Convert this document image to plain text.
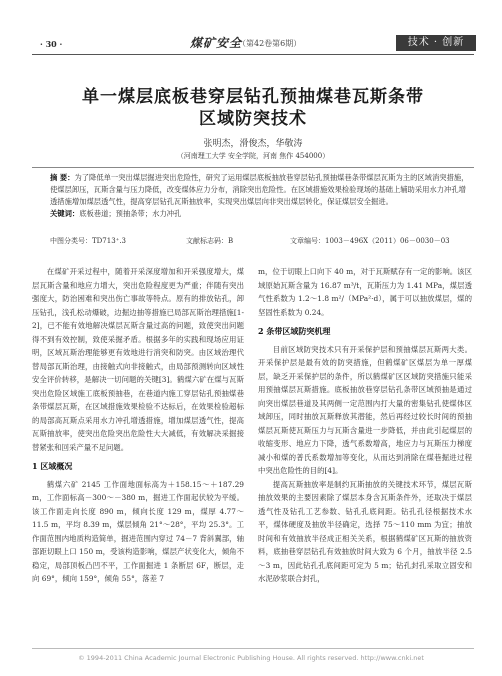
· 30 ·	煤矿安全
（第42卷第6期）	技术 · 创新
单一煤层底板巷穿层钻孔预抽煤巷瓦斯条带
区域防突技术
张明杰，滑俊杰，华敬涛
（河南理工大学 安全学院，河南 焦作 454000）
摘 要：为了降低单一突出煤层掘进突出危险性，研究了运用煤层底板抽放巷穿层钻孔预抽煤巷条带煤层瓦斯为主的区域消突措施，使煤层卸压，瓦斯含量与压力降低，改变煤体应力分布，消除突出危险性。在区域措施效果检验现场的基础上辅助采用水力冲孔增透措施增加煤层透气性，提高穿层钻孔瓦斯抽放率，实现突出煤层向非突出煤层转化，保证煤层安全掘进。
关键词：底板巷道；预抽条带；水力冲孔
中图分类号：TD713⁺.3	文献标志码：B	文章编号：1003－496X（2011）06－0030－03

在煤矿开采过程中，随着开采深度增加和开采强度增大，煤层瓦斯含量和地应力增大，突出危险程度更为严重；伴随有突出强度大，防治困难和突出伤亡事故等特点。原有的排放钻孔，卸压钻孔，浅孔松动爆破，边掘边抽等措施已局部瓦斯治理措施[1-2]，已不能有效地解决煤层瓦斯含量过高的问题，致使突出问题得不到有效控制，致使采掘矛盾。根据多年的实践和现场应用证明，区域瓦斯治理能够更有效地进行消突和防突。由区域治理代替局部瓦斯治理，由接触式向非接触式，由局部预测转向区域性安全评价转移，是解决一切问题的关键[3]。鹤煤六矿在煤与瓦斯突出危险区域施工底板预抽巷，在巷道内施工穿层钻孔预抽煤巷条带煤层瓦斯，在区域措施效果检验不达标后，在效果检验超标的局部高瓦斯点采用水力冲孔增透措施，增加煤层透气性，提高瓦斯抽放率，使突出危险突出危险性大大减低，有效解决采掘接替紧张和回采产量不足问题。

1 区域概况

鹤煤六矿 2145 工作面地面标高为＋158.15～＋187.29 m，工作面标高－300～－380 m，掘进工作面起伏较为平缓。该工作面走向长度 890 m，倾向长度 129 m，煤厚 4.77～11.5 m，平均 8.39 m，煤层倾角 21°～28°，平均 25.3°。工作面范围内地质构造简单，掘进范围内穿过 74－7 背斜翼部，轴部距切眼上口 150 m，受该构造影响，煤层产状变化大，倾角不稳定，局部顶板凸凹不平，工作面掘进 1 条断层 6F，断层，走向 69°，倾向 159°，倾角 55°，落差 7

m，位于切眼上口向下 40 m，对于瓦斯赋存有一定的影响。该区域原始瓦斯含量为 16.87 m³/t，瓦斯压力为 1.41 MPa，煤层透气性系数为 1.2～1.8 m²/（MPa²·d），属于可以抽放煤层，煤的坚固性系数为 0.24。

2 条带区域防突机理

目前区域防突技术只有开采保护层和预抽煤层瓦斯两大类。开采保护层是最有效的防突措施，但鹤煤矿区煤层为单一厚煤层，缺乏开采保护层的条件，所以鹤煤矿区区域防突措施只能采用预抽煤层瓦斯措施。底板抽放巷穿层钻孔条带区域预抽是通过向突出煤层巷道及其两侧一定范围内打大量的密集钻孔使煤体区域卸压，同时抽放瓦斯释放其潜能，然后再经过较长时间的预抽煤层瓦斯使瓦斯压力与瓦斯含量进一步降低，并由此引起煤层的收缩变形、地应力下降，透气系数增高，地应力与瓦斯压力梯度减小和煤的普氏系数增加等变化，从而达到消除在煤巷掘进过程中突出危险性的目的[4]。

提高瓦斯抽放率是制约瓦斯抽放的关键技术环节，煤层瓦斯抽放效果的主要因素除了煤层本身含瓦斯条件外，还取决于煤层透气性及钻孔工艺参数、钻孔孔底间距。钻孔孔径根据技术水平，煤体硬度及抽放半径确定，选择 75～110 mm 为宜；抽放时间和有效抽放半径成正相关关系，根据鹤煤矿区瓦斯的抽放资料，底抽巷穿层钻孔有效抽放时间大致为 6 个月，抽放半径 2.5～3 m，因此钻孔孔底间距可定为 5 m；钻孔封孔采取立固安和水泥砂浆联合封孔，

© 1994-2011 China Academic Journal Electronic Publishing House. All rights reserved. http://www.cnki.net
